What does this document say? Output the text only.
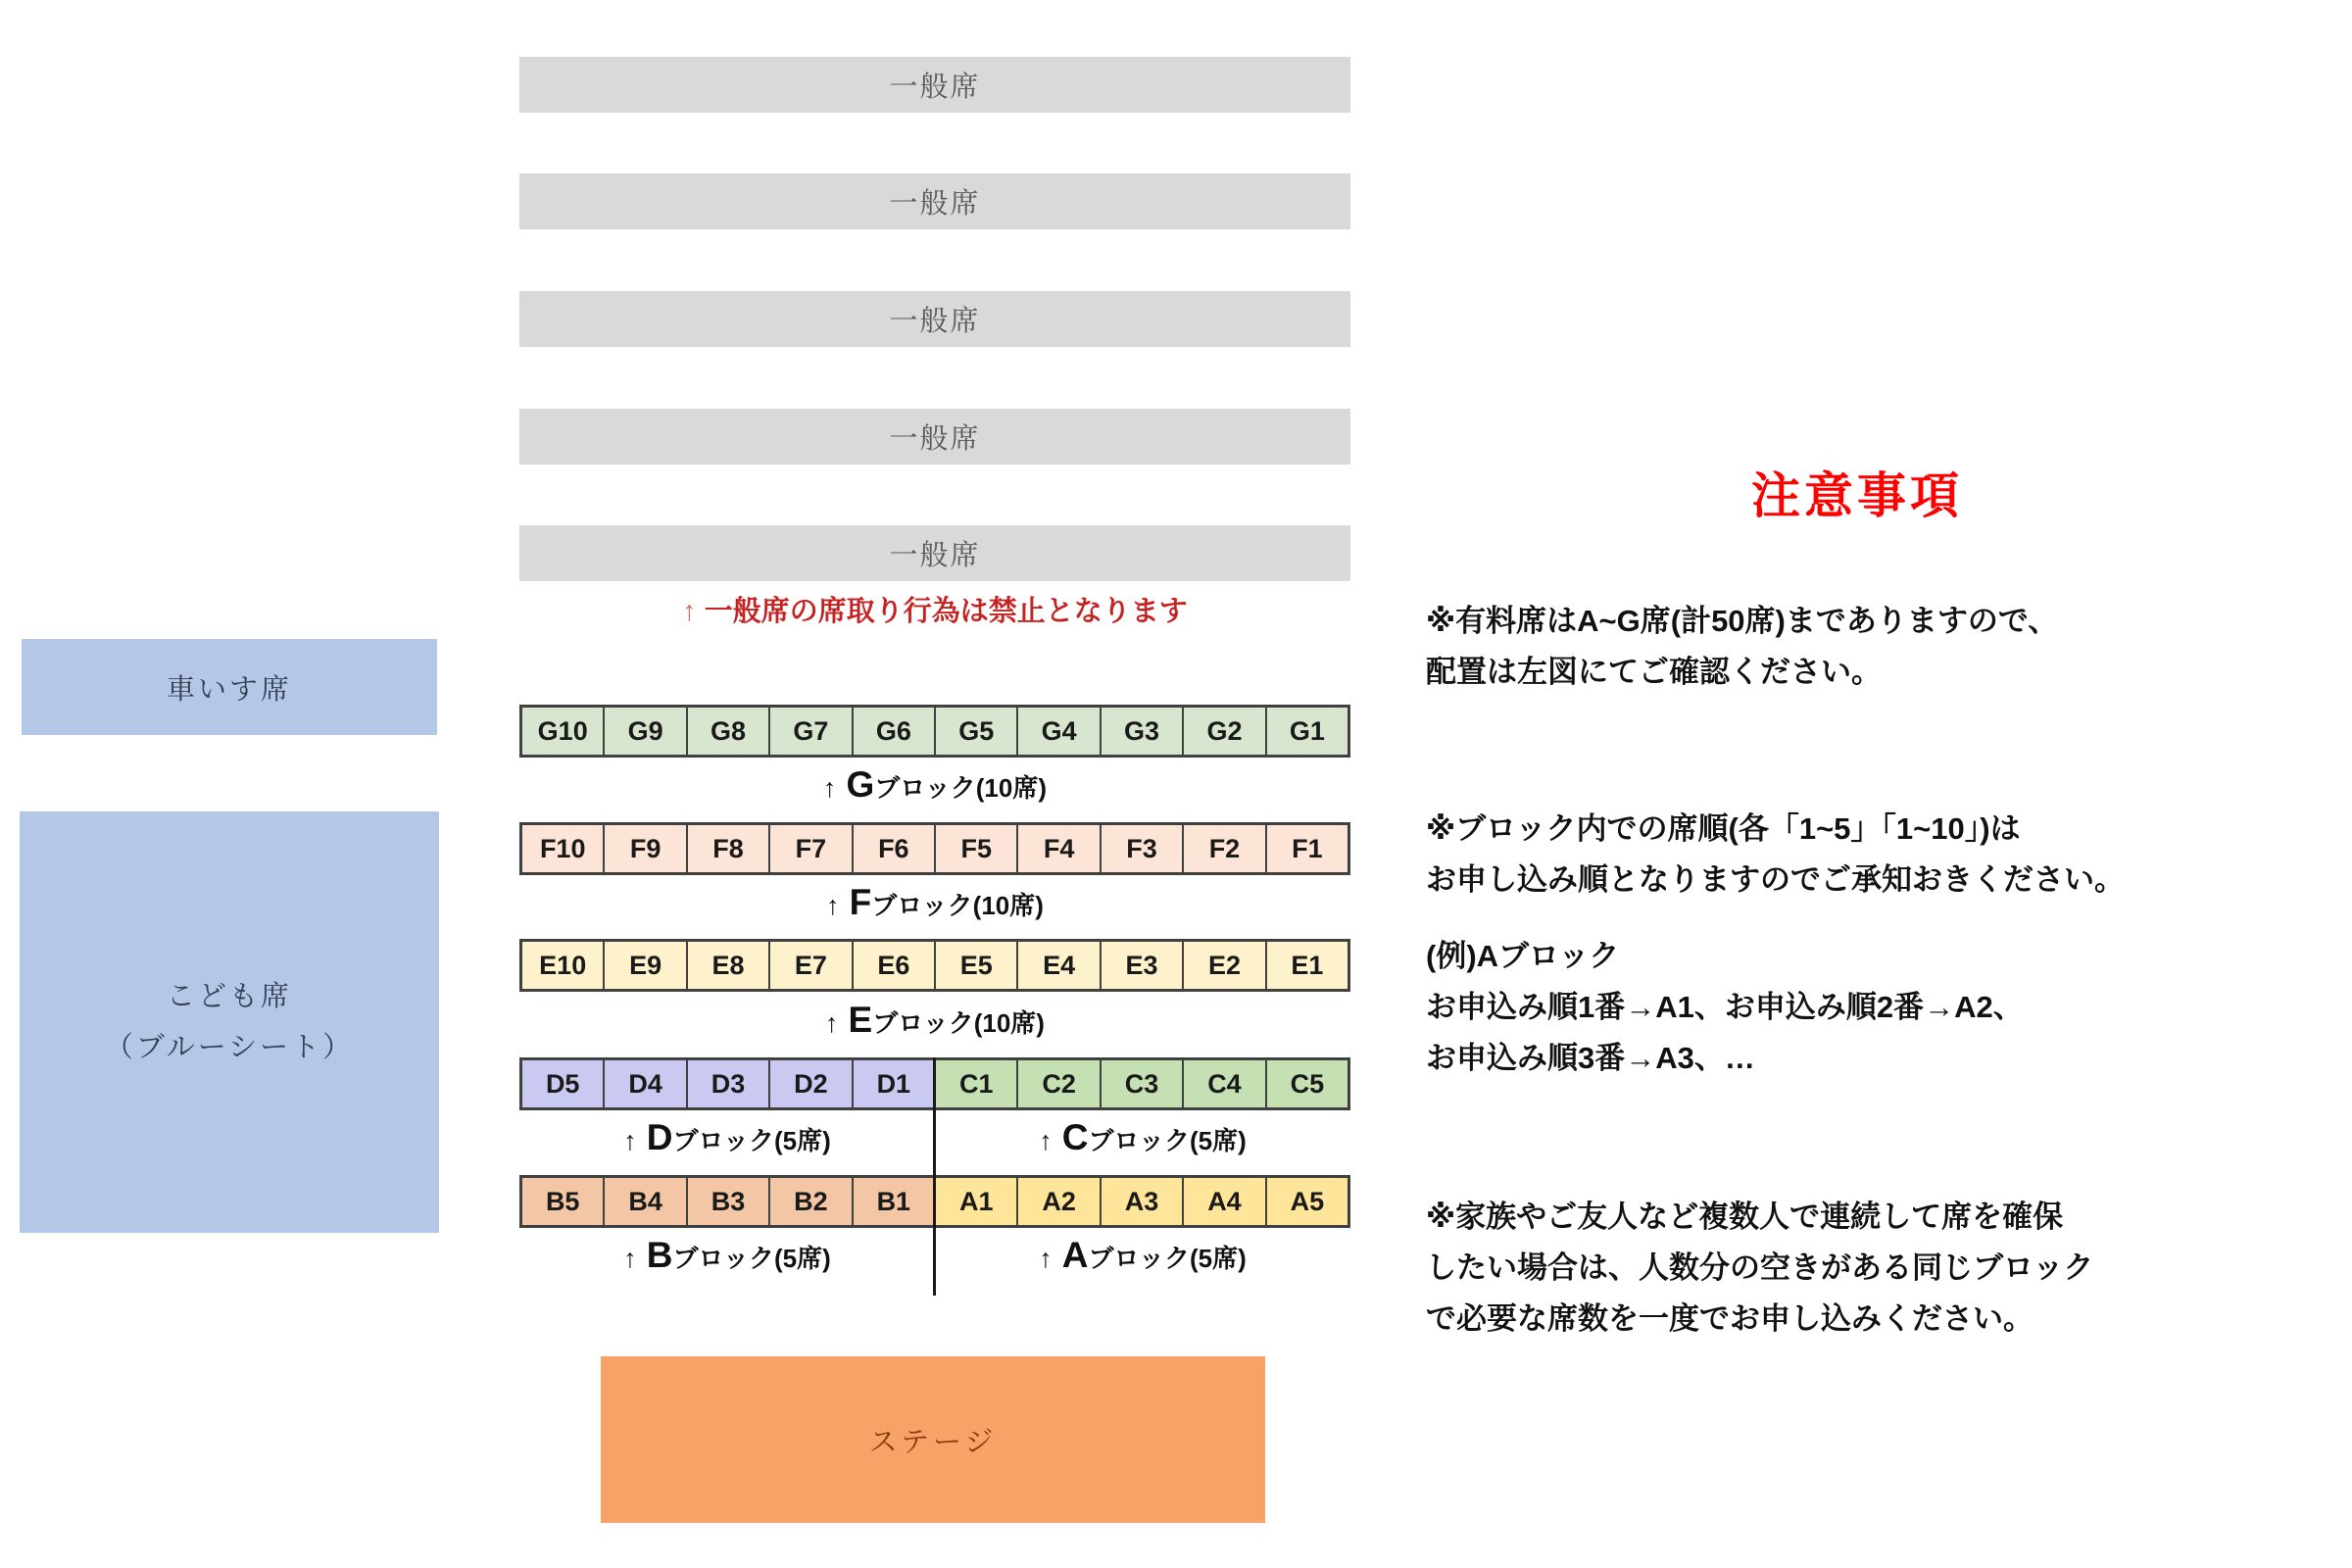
一般席
一般席
一般席
一般席
一般席
↑ 一般席の席取り行為は禁止となります
車いす席
こども席
（ブルーシート）
G10	G9	G8	G7	G6	G5	G4	G3	G2	G1
F10	F9	F8	F7	F6	F5	F4	F3	F2	F1
E10	E9	E8	E7	E6	E5	E4	E3	E2	E1
D5	D4	D3	D2	D1	C1	C2	C3	C4	C5
B5	B4	B3	B2	B1	A1	A2	A3	A4	A5
↑ G ブロック(10席)
↑ F ブロック(10席)
↑ E ブロック(10席)
↑ D ブロック(5席)	↑ C ブロック(5席)
↑ B ブロック(5席)	↑ A ブロック(5席)
ステージ
注意事項
※有料席はA~G席(計50席)までありますので、
配置は左図にてご確認ください。
※ブロック内での席順(各「1~5」「1~10」)は
お申し込み順となりますのでご承知おきください。
(例)Aブロック
お申込み順1番→A1、お申込み順2番→A2、
お申込み順3番→A3、…
※家族やご友人など複数人で連続して席を確保
したい場合は、人数分の空きがある同じブロック
で必要な席数を一度でお申し込みください。
